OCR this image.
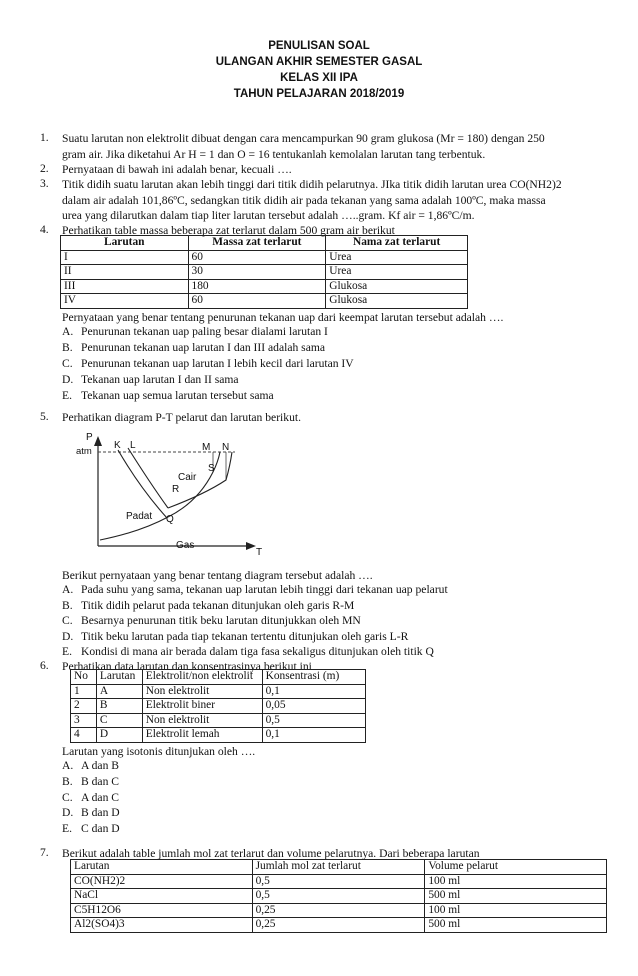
PENULISAN SOAL
ULANGAN AKHIR SEMESTER GASAL
KELAS XII IPA
TAHUN PELAJARAN 2018/2019
1. Suatu larutan non elektrolit dibuat dengan cara mencampurkan 90 gram glukosa (Mr = 180) dengan 250
gram air. Jika diketahui Ar H = 1 dan O = 16 tentukanlah kemolalan larutan tang terbentuk.
2. Pernyataan di bawah ini adalah benar, kecuali ….
3. Titik didih suatu larutan akan lebih tinggi dari titik didih pelarutnya. JIka titik didih larutan urea CO(NH2)2
dalam air adalah 101,86ºC, sedangkan titik didih air pada tekanan yang sama adalah 100ºC, maka massa
urea yang dilarutkan dalam tiap liter larutan tersebut adalah …..gram. Kf air = 1,86ºC/m.
4. Perhatikan table massa beberapa zat terlarut dalam 500 gram air berikut
Larutan	Massa zat terlarut	Nama zat terlarut
I	60	Urea
II	30	Urea
III	180	Glukosa
IV	60	Glukosa
Pernyataan yang benar tentang penurunan tekanan uap dari keempat larutan tersebut adalah ….
A. Penurunan tekanan uap paling besar dialami larutan I
B. Penurunan tekanan uap larutan I dan III adalah sama
C. Penurunan tekanan uap larutan I lebih kecil dari larutan IV
D. Tekanan uap larutan I dan II sama
E. Tekanan uap semua larutan tersebut sama
5. Perhatikan diagram P-T pelarut dan larutan berikut.
P
atm
T
K L	M N
S
R
Q
Cair
Padat
Gas
Berikut pernyataan yang benar tentang diagram tersebut adalah ….
A. Pada suhu yang sama, tekanan uap larutan lebih tinggi dari tekanan uap pelarut
B. Titik didih pelarut pada tekanan ditunjukan oleh garis R-M
C. Besarnya penurunan titik beku larutan ditunjukkan oleh MN
D. Titik beku larutan pada tiap tekanan tertentu ditunjukan oleh garis L-R
E. Kondisi di mana air berada dalam tiga fasa sekaligus ditunjukan oleh titik Q
6. Perhatikan data larutan dan konsentrasinya berikut ini
No	Larutan	Elektrolit/non elektrolit	Konsentrasi (m)
1	A	Non elektrolit	0,1
2	B	Elektrolit biner	0,05
3	C	Non elektrolit	0,5
4	D	Elektrolit lemah	0,1
Larutan yang isotonis ditunjukan oleh ….
A. A dan B
B. B dan C
C. A dan C
D. B dan D
E. C dan D
7. Berikut adalah table jumlah mol zat terlarut dan volume pelarutnya. Dari beberapa larutan
Larutan	Jumlah mol zat terlarut	Volume pelarut
CO(NH2)2	0,5	100 ml
NaCl	0,5	500 ml
C5H12O6	0,25	100 ml
Al2(SO4)3	0,25	500 ml
